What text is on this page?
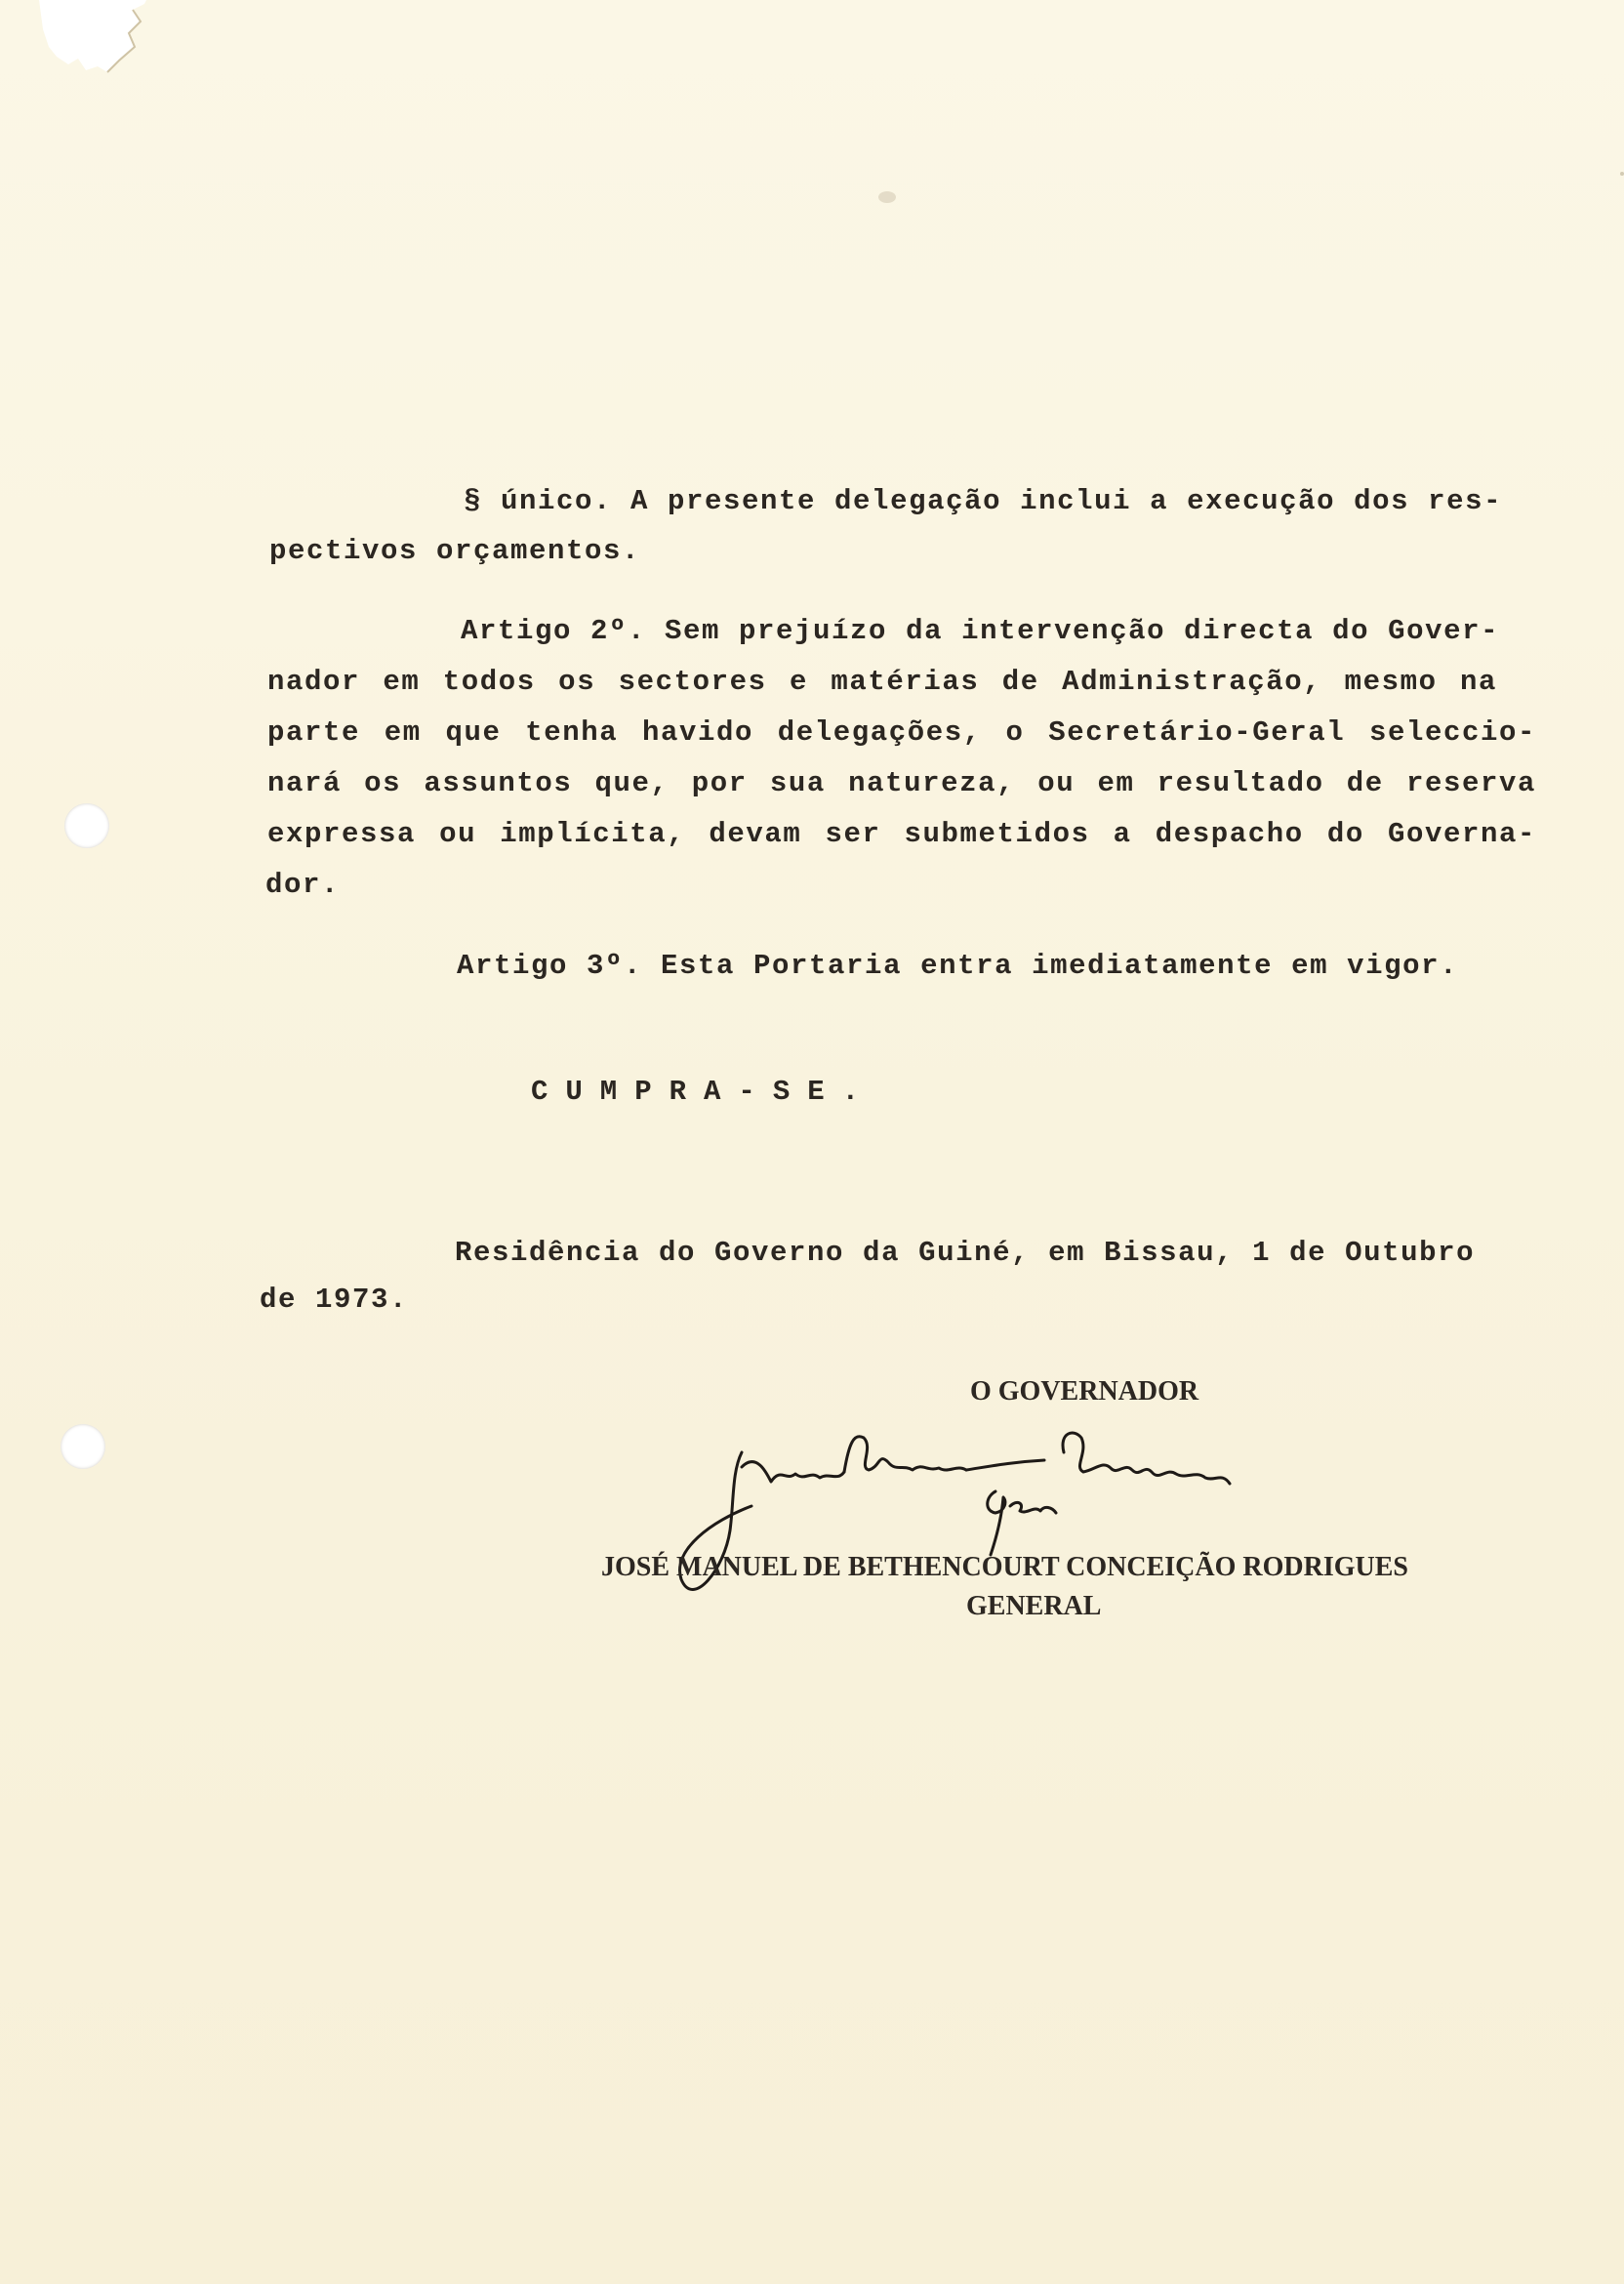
§ único. A presente delegação inclui a execução dos res-
pectivos orçamentos.
Artigo 2º. Sem prejuízo da intervenção directa do Gover-
nador em todos os sectores e matérias de Administração, mesmo na
parte em que tenha havido delegações, o Secretário-Geral seleccio-
nará os assuntos que, por sua natureza, ou em resultado de reserva
expressa ou implícita, devam ser submetidos a despacho do Governa-
dor.
Artigo 3º. Esta Portaria entra imediatamente em vigor.
CUMPRA-SE.
Residência do Governo da Guiné, em Bissau, 1 de Outubro
de 1973.
O GOVERNADOR
JOSÉ MANUEL DE BETHENCOURT CONCEIÇÃO RODRIGUES
GENERAL
